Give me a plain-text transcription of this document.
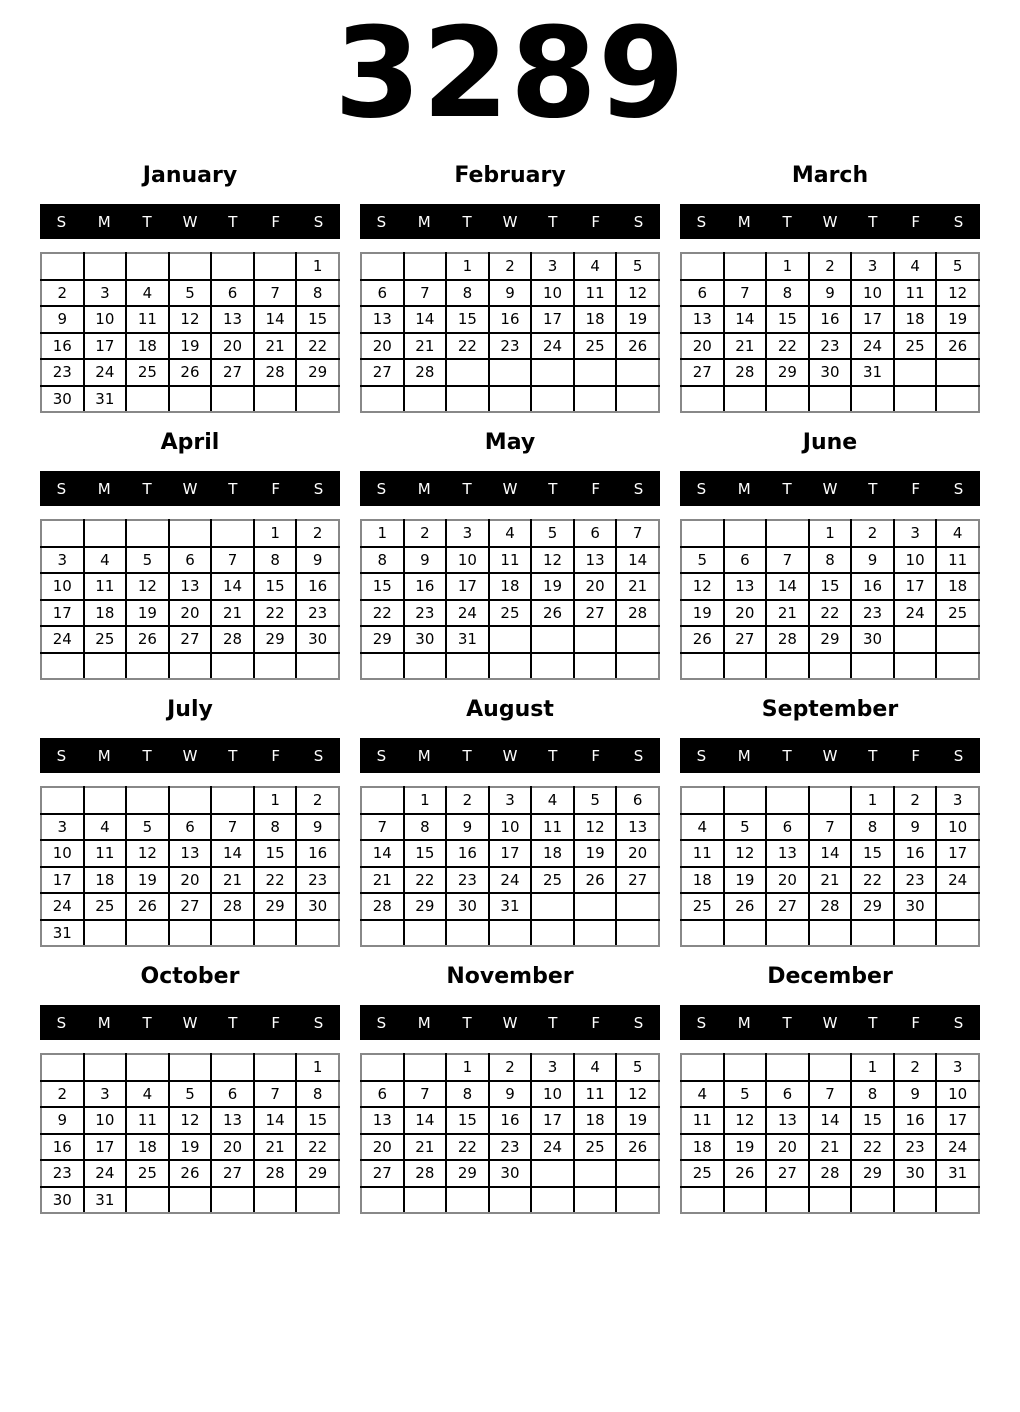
3289
January
S	M	T	W	T	F	S
						1
2	3	4	5	6	7	8
9	10	11	12	13	14	15
16	17	18	19	20	21	22
23	24	25	26	27	28	29
30	31					
February
S	M	T	W	T	F	S
		1	2	3	4	5
6	7	8	9	10	11	12
13	14	15	16	17	18	19
20	21	22	23	24	25	26
27	28					

March
S	M	T	W	T	F	S
		1	2	3	4	5
6	7	8	9	10	11	12
13	14	15	16	17	18	19
20	21	22	23	24	25	26
27	28	29	30	31		

April
S	M	T	W	T	F	S
					1	2
3	4	5	6	7	8	9
10	11	12	13	14	15	16
17	18	19	20	21	22	23
24	25	26	27	28	29	30

May
S	M	T	W	T	F	S
1	2	3	4	5	6	7
8	9	10	11	12	13	14
15	16	17	18	19	20	21
22	23	24	25	26	27	28
29	30	31				

June
S	M	T	W	T	F	S
			1	2	3	4
5	6	7	8	9	10	11
12	13	14	15	16	17	18
19	20	21	22	23	24	25
26	27	28	29	30		

July
S	M	T	W	T	F	S
					1	2
3	4	5	6	7	8	9
10	11	12	13	14	15	16
17	18	19	20	21	22	23
24	25	26	27	28	29	30
31						
August
S	M	T	W	T	F	S
	1	2	3	4	5	6
7	8	9	10	11	12	13
14	15	16	17	18	19	20
21	22	23	24	25	26	27
28	29	30	31			

September
S	M	T	W	T	F	S
				1	2	3
4	5	6	7	8	9	10
11	12	13	14	15	16	17
18	19	20	21	22	23	24
25	26	27	28	29	30	

October
S	M	T	W	T	F	S
						1
2	3	4	5	6	7	8
9	10	11	12	13	14	15
16	17	18	19	20	21	22
23	24	25	26	27	28	29
30	31					
November
S	M	T	W	T	F	S
		1	2	3	4	5
6	7	8	9	10	11	12
13	14	15	16	17	18	19
20	21	22	23	24	25	26
27	28	29	30			

December
S	M	T	W	T	F	S
				1	2	3
4	5	6	7	8	9	10
11	12	13	14	15	16	17
18	19	20	21	22	23	24
25	26	27	28	29	30	31
